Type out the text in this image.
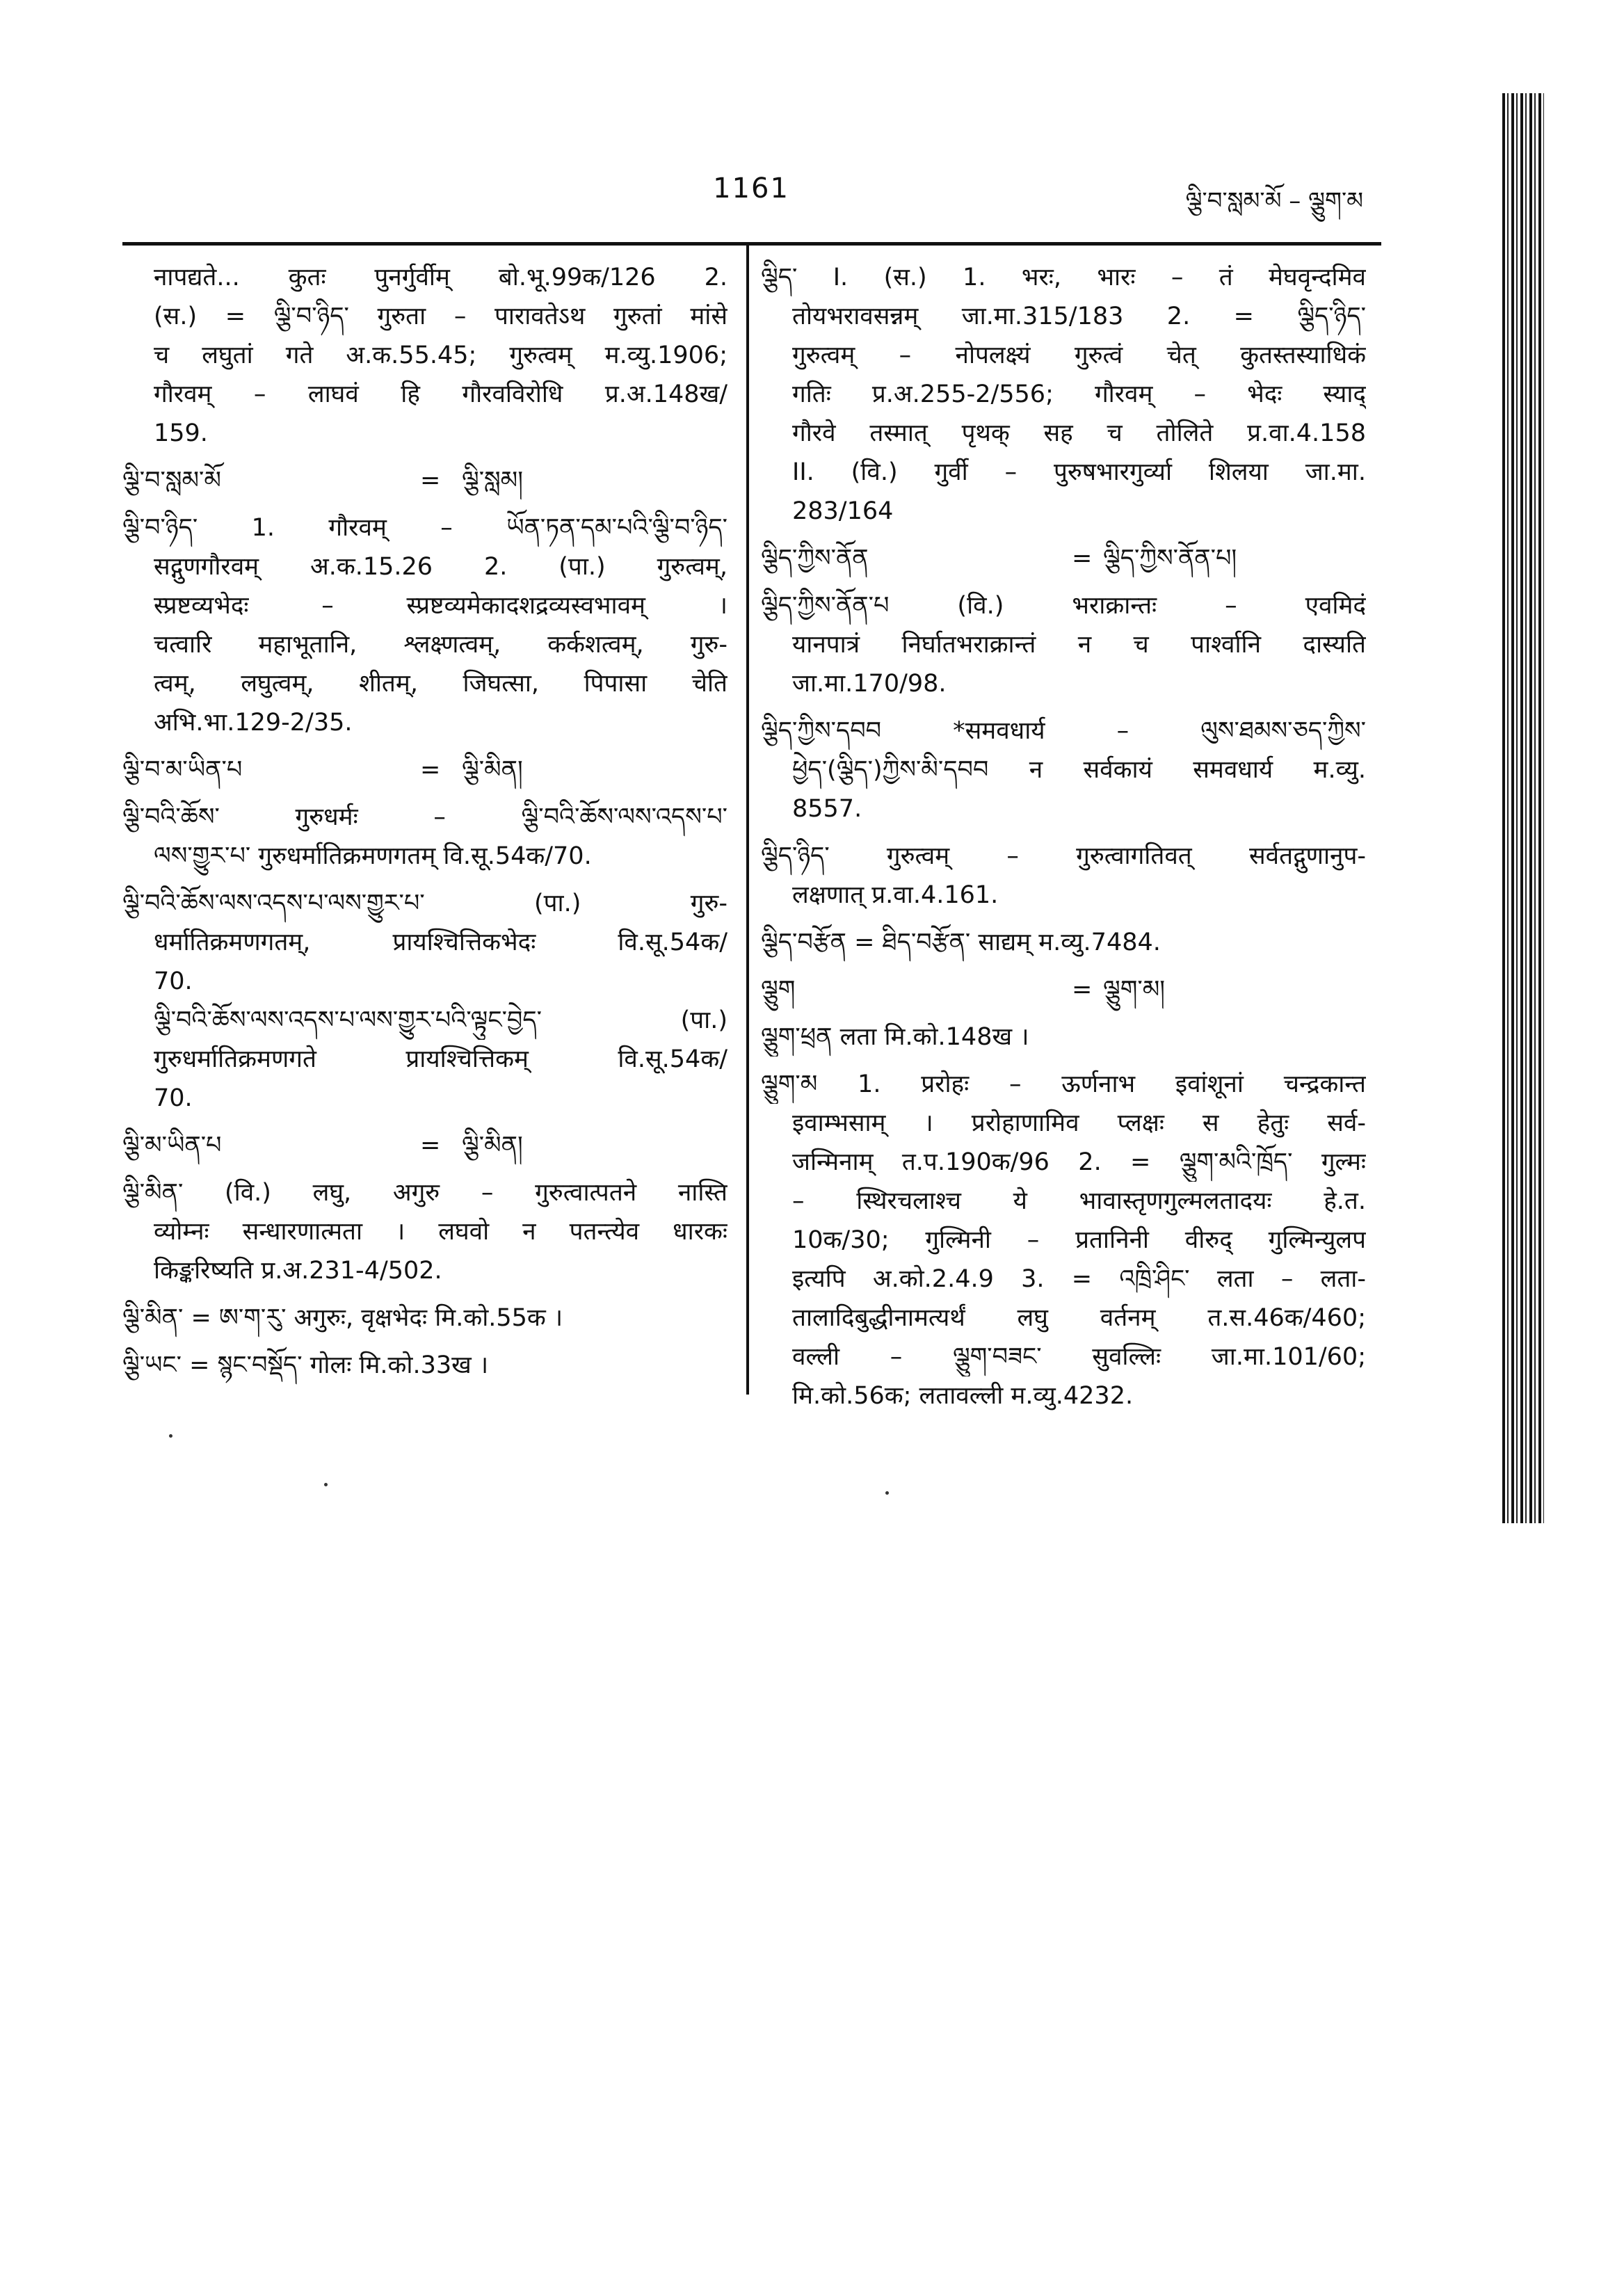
1161	ལྕི་བ་སླམ་མོ – ལྕུག་མ
नापद्यते... कुतः पुनर्गुर्वीम् बो.भू.99क/126 2.
(स.) = ལྕི་བ་ཉིད་ गुरुता – पारावतेऽथ गुरुतां मांसे
च लघुतां गते अ.क.55.45; गुरुत्वम् म.व्यु.1906;
गौरवम् – लाघवं हि गौरवविरोधि प्र.अ.148ख/
159.
ལྕི་བ་སླམ་མོ	= ལྕི་སླམ།
ལྕི་བ་ཉིད་ 1. गौरवम् – ཡོན་ཏན་དམ་པའི་ལྕི་བ་ཉིད་
सद्गुणगौरवम् अ.क.15.26 2. (पा.) गुरुत्वम्,
स्प्रष्टव्यभेदः – स्प्रष्टव्यमेकादशद्रव्यस्वभावम् ।
चत्वारि महाभूतानि, श्लक्ष्णत्वम्, कर्कशत्वम्, गुरु-
त्वम्, लघुत्वम्, शीतम्, जिघत्सा, पिपासा चेति
अभि.भा.129-2/35.
ལྕི་བ་མ་ཡིན་པ	= ལྕི་མིན།
ལྕི་བའི་ཆོས་ गुरुधर्मः – ལྕི་བའི་ཆོས་ལས་འདས་པ་
ལས་གྱུར་པ་ गुरुधर्मातिक्रमणगतम् वि.सू.54क/70.
ལྕི་བའི་ཆོས་ལས་འདས་པ་ལས་གྱུར་པ་ (पा.) गुरु-
धर्मातिक्रमणगतम्, प्रायश्चित्तिकभेदः वि.सू.54क/
70.
ལྕི་བའི་ཆོས་ལས་འདས་པ་ལས་གྱུར་པའི་ལྟུང་བྱེད་ (पा.)
गुरुधर्मातिक्रमणगते प्रायश्चित्तिकम् वि.सू.54क/
70.
ལྕི་མ་ཡིན་པ	= ལྕི་མིན།
ལྕི་མིན་ (वि.) लघु, अगुरु – गुरुत्वात्पतने नास्ति
व्योम्नः सन्धारणात्मता । लघवो न पतन्त्येव धारकः
किङ्करिष्यति प्र.अ.231-4/502.
ལྕི་མིན་ = ཨ་ག་རུ་ अगुरुः, वृक्षभेदः मि.को.55क ।
ལྕི་ཡང་ = སྙང་བསྡོད་ गोलः मि.को.33ख ।
ལྕིད་ I. (स.) 1. भरः, भारः – तं मेघवृन्दमिव
तोयभरावसन्नम् जा.मा.315/183 2. = ལྕིད་ཉིད་
गुरुत्वम् – नोपलक्ष्यं गुरुत्वं चेत् कुतस्तस्याधिकं
गतिः प्र.अ.255-2/556; गौरवम् – भेदः स्याद्
गौरवे तस्मात् पृथक् सह च तोलिते प्र.वा.4.158
II. (वि.) गुर्वी – पुरुषभारगुर्व्या शिलया जा.मा.
283/164
ལྕིད་ཀྱིས་ནོན	= ལྕིད་ཀྱིས་ནོན་པ།
ལྕིད་ཀྱིས་ནོན་པ (वि.) भराक्रान्तः – एवमिदं
यानपात्रं निर्घातभराक्रान्तं न च पार्श्वानि दास्यति
जा.मा.170/98.
ལྕིད་ཀྱིས་དབབ *समवधार्य – ལུས་ཐམས་ཅད་ཀྱིས་
ཕྱེད་(ལྕིད་)ཀྱིས་མི་དབབ न सर्वकायं समवधार्य म.व्यु.
8557.
ལྕིད་ཉིད་ गुरुत्वम् – गुरुत्वागतिवत् सर्वतद्गुणानुप-
लक्षणात् प्र.वा.4.161.
ལྕིད་བརྩོན = ཐིད་བརྩོན་ साद्यम् म.व्यु.7484.
ལྕུག	= ལྕུག་མ།
ལྕུག་ཕྲན लता मि.को.148ख ।
ལྕུག་མ 1. प्ररोहः – ऊर्णनाभ इवांशूनां चन्द्रकान्त
इवाम्भसाम् । प्ररोहाणामिव प्लक्षः स हेतुः सर्व-
जन्मिनाम् त.प.190क/96 2. = ལྕུག་མའི་ཁྲོད་ गुल्मः
– स्थिरचलाश्च ये भावास्तृणगुल्मलतादयः हे.त.
10क/30; गुल्मिनी – प्रतानिनी वीरुद् गुल्मिन्युलप
इत्यपि अ.को.2.4.9 3. = འཁྲི་ཤིང་ लता – लता-
तालादिबुद्धीनामत्यर्थं लघु वर्तनम् त.स.46क/460;
वल्ली – ལྕུག་བཟང་ सुवल्लिः जा.मा.101/60;
मि.को.56क; लतावल्ली म.व्यु.4232.
